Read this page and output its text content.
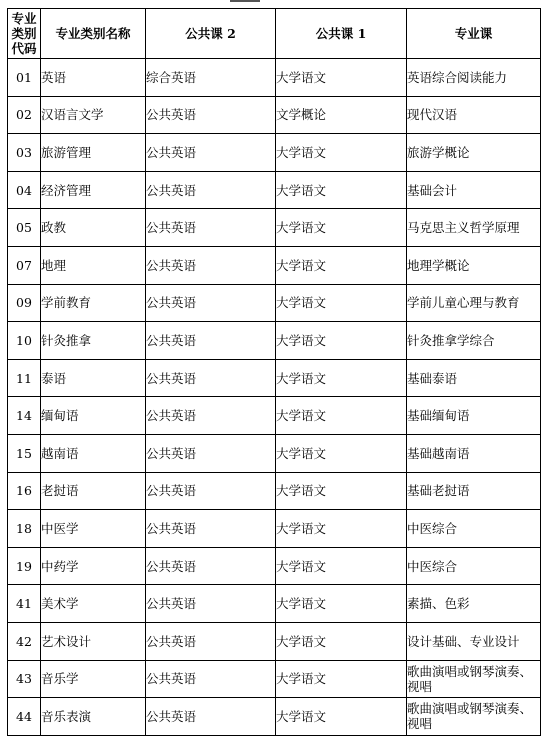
专业类别代码	专业类别名称	公共课 2	公共课 1	专业课
01	英语	综合英语	大学语文	英语综合阅读能力
02	汉语言文学	公共英语	文学概论	现代汉语
03	旅游管理	公共英语	大学语文	旅游学概论
04	经济管理	公共英语	大学语文	基础会计
05	政教	公共英语	大学语文	马克思主义哲学原理
07	地理	公共英语	大学语文	地理学概论
09	学前教育	公共英语	大学语文	学前儿童心理与教育
10	针灸推拿	公共英语	大学语文	针灸推拿学综合
11	泰语	公共英语	大学语文	基础泰语
14	缅甸语	公共英语	大学语文	基础缅甸语
15	越南语	公共英语	大学语文	基础越南语
16	老挝语	公共英语	大学语文	基础老挝语
18	中医学	公共英语	大学语文	中医综合
19	中药学	公共英语	大学语文	中医综合
41	美术学	公共英语	大学语文	素描、色彩
42	艺术设计	公共英语	大学语文	设计基础、专业设计
43	音乐学	公共英语	大学语文	歌曲演唱或钢琴演奏、视唱
44	音乐表演	公共英语	大学语文	歌曲演唱或钢琴演奏、视唱
